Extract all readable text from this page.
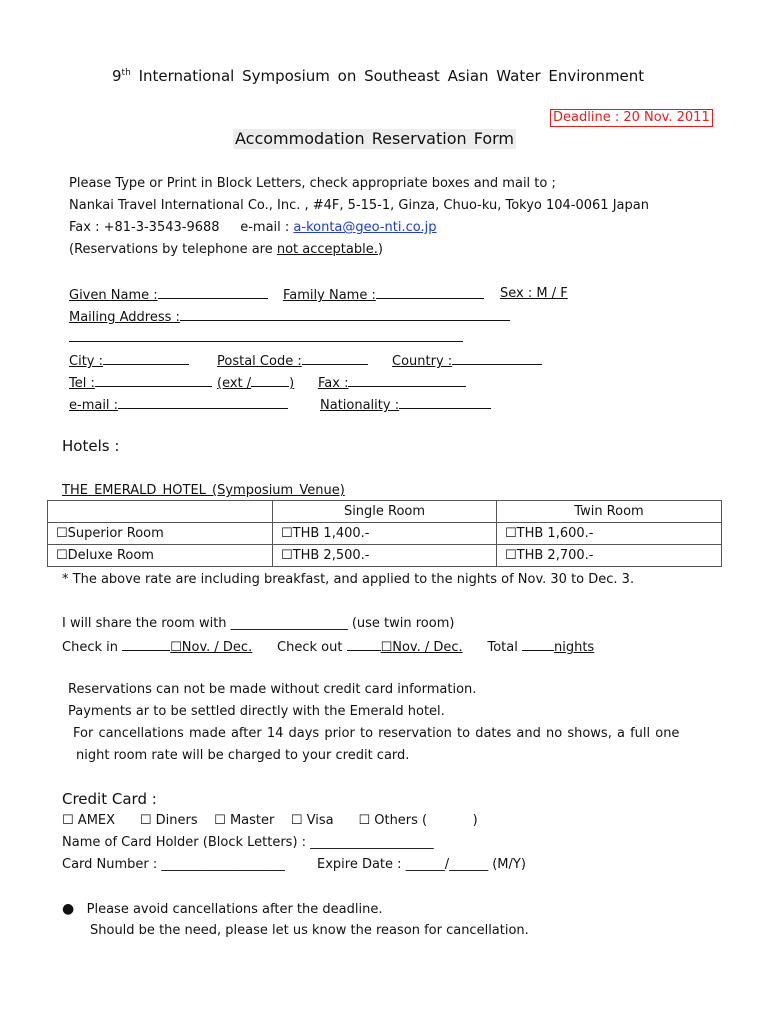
9th International Symposium on Southeast Asian Water Environment
Deadline : 20 Nov. 2011
Accommodation Reservation Form
Please Type or Print in Block Letters, check appropriate boxes and mail to ;
Nankai Travel International Co., Inc. , #4F, 5-15-1, Ginza, Chuo-ku, Tokyo 104-0061 Japan
Fax : +81-3-3543-9688 e-mail : a-konta@geo-nti.co.jp
(Reservations by telephone are not acceptable.)
Given Name :	Family Name :	Sex : M / F
Mailing Address :
City :	Postal Code :	Country :
Tel :	(ext /	) Fax :
e-mail :	Nationality :
Hotels :
THE EMERALD HOTEL (Symposium Venue)
	Single Room	Twin Room
☐Superior Room	☐THB 1,400.-	☐THB 1,600.-
☐Deluxe Room	☐THB 2,500.-	☐THB 2,700.-
* The above rate are including breakfast, and applied to the nights of Nov. 30 to Dec. 3.
I will share the room with __________________ (use twin room)
Check in	☐Nov. / Dec. Check out	☐Nov. / Dec. Total	nights
Reservations can not be made without credit card information.
Payments ar to be settled directly with the Emerald hotel.
For cancellations made after 14 days prior to reservation to dates and no shows, a full one
night room rate will be charged to your credit card.
Credit Card :
☐ AMEX ☐ Diners ☐ Master ☐ Visa ☐ Others (	)
Name of Card Holder (Block Letters) : ___________________
Card Number : ___________________ Expire Date : ______/______ (M/Y)
● Please avoid cancellations after the deadline.
Should be the need, please let us know the reason for cancellation.
